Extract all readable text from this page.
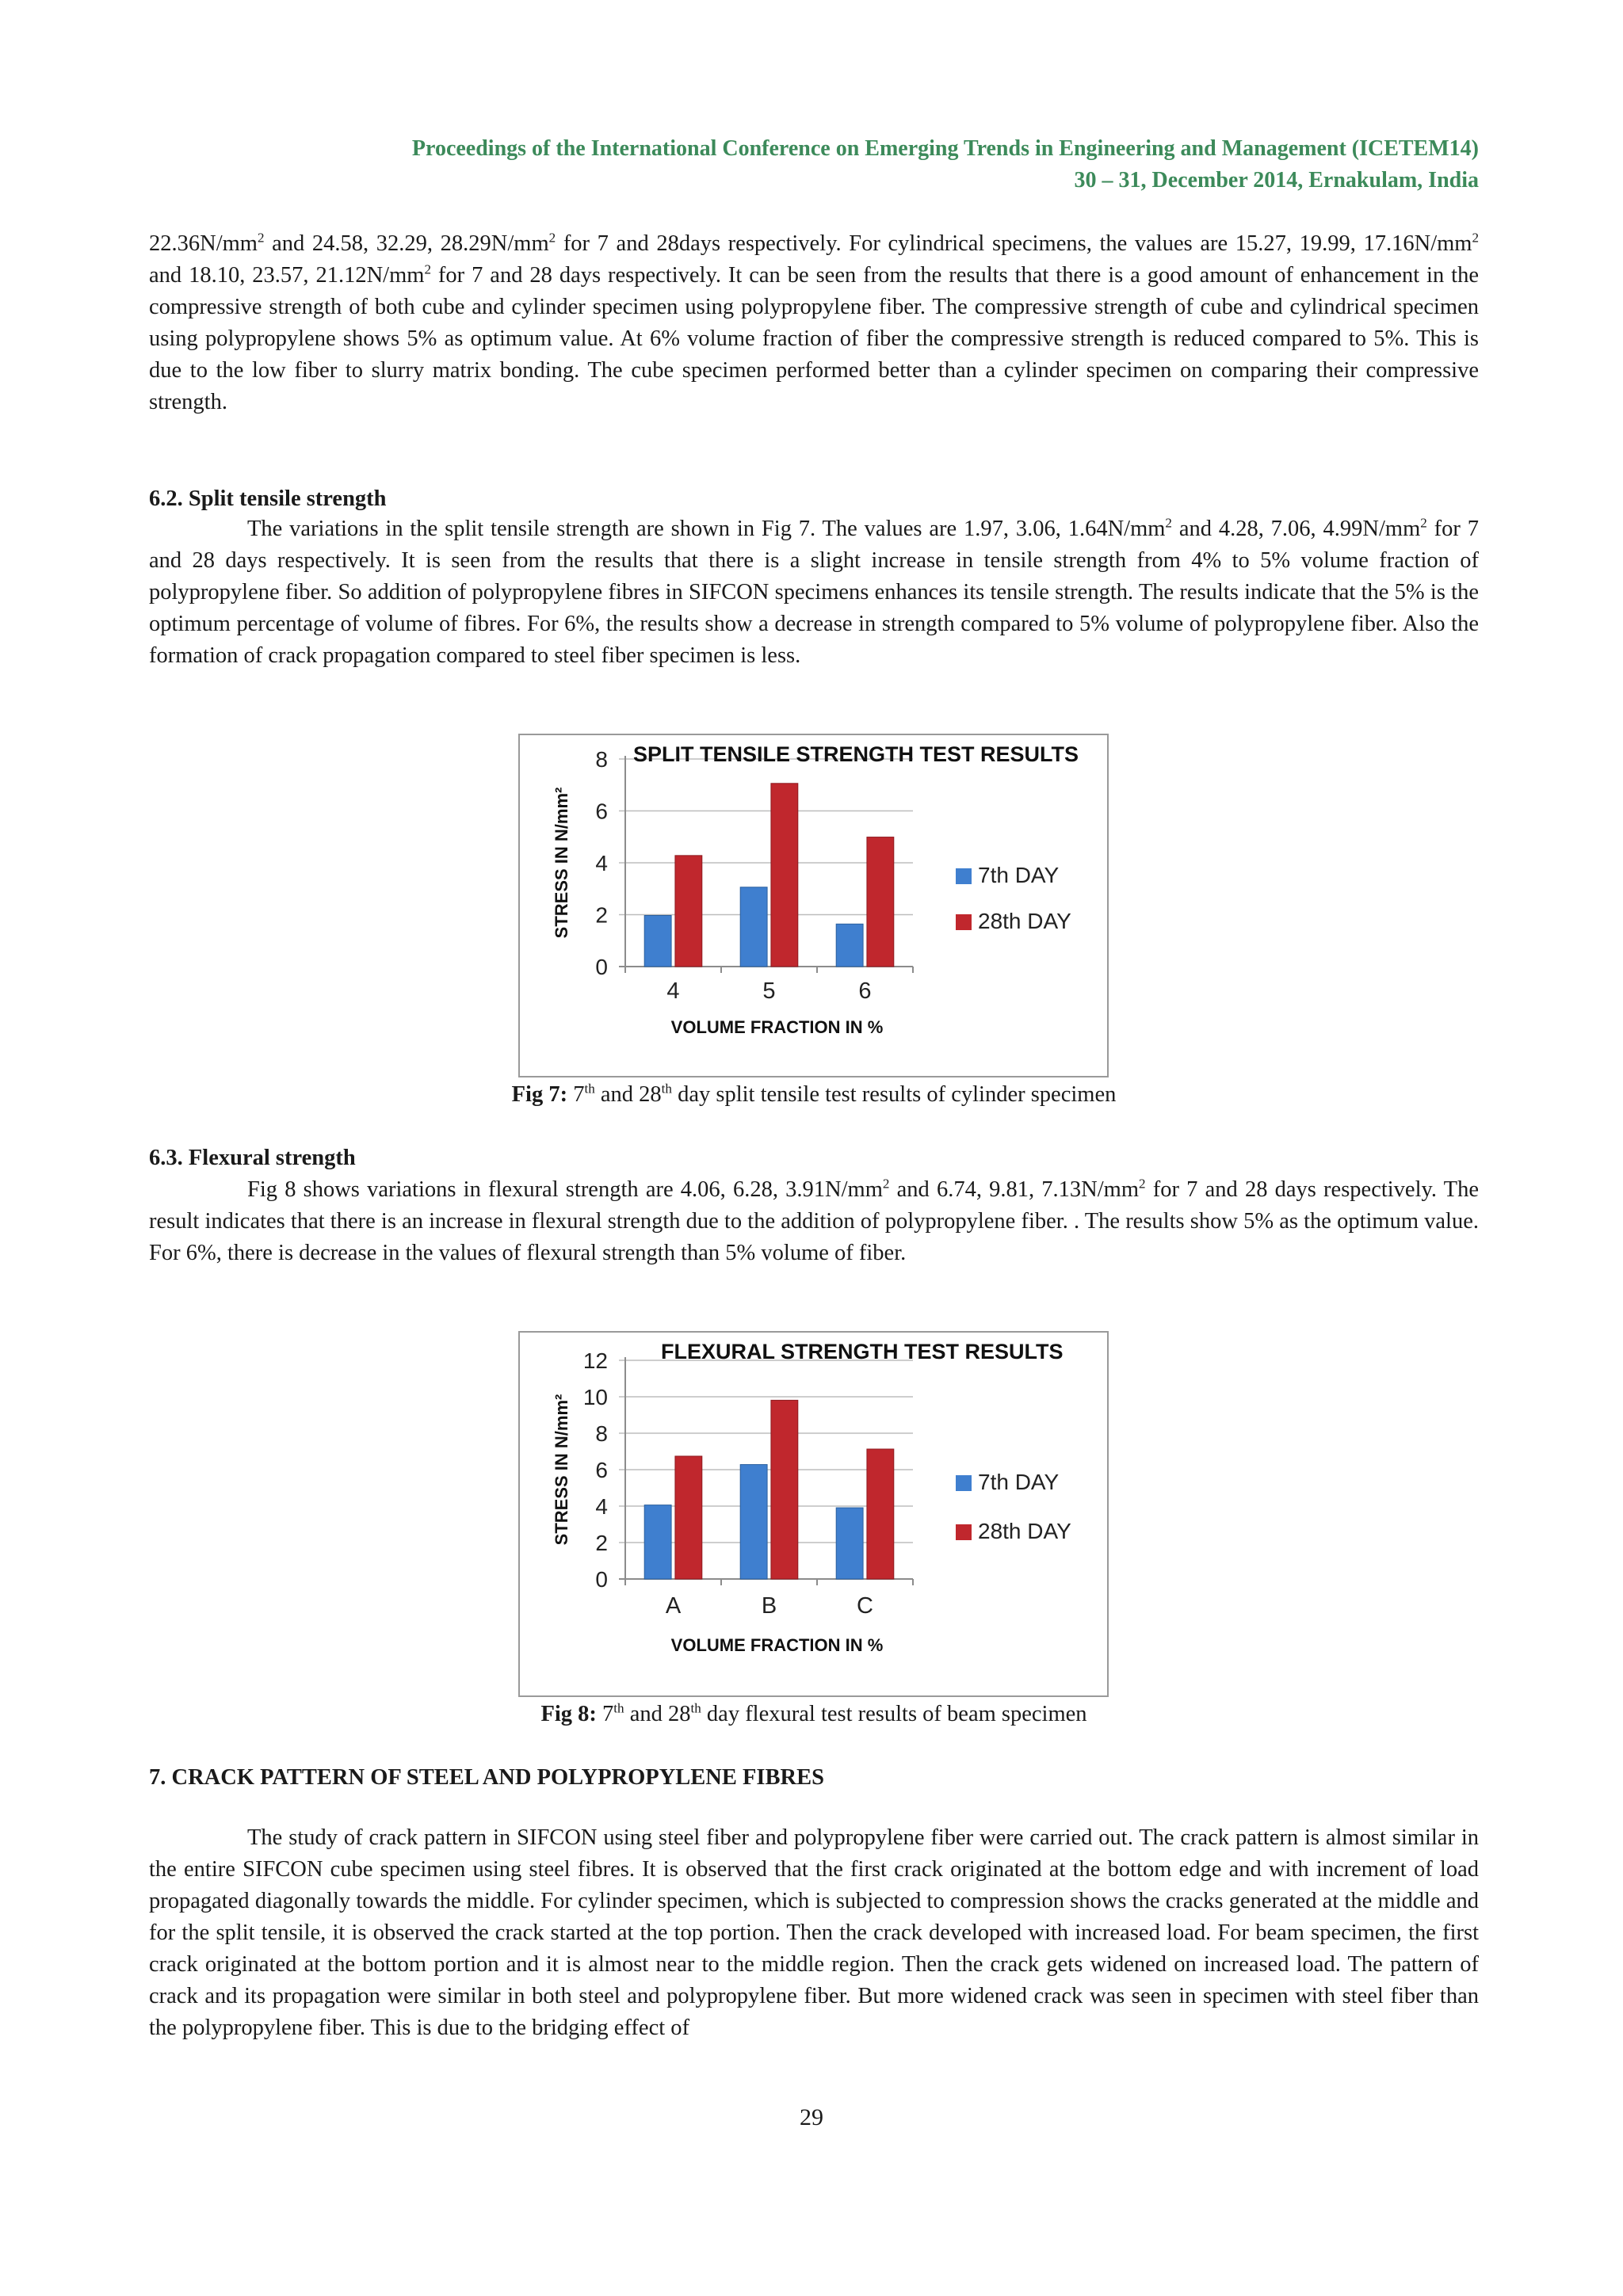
Proceedings of the International Conference on Emerging Trends in Engineering and Management (ICETEM14)
30 – 31, December 2014, Ernakulam, India

$22.36N/mm^2$ and 24.58, 32.29, $28.29N/mm^2$ for 7 and 28days respectively. For cylindrical specimens, the values are 15.27, 19.99, $17.16N/mm^2$ and 18.10, 23.57, $21.12N/mm^2$ for 7 and 28 days respectively. It can be seen from the results that there is a good amount of enhancement in the compressive strength of both cube and cylinder specimen using polypropylene fiber. The compressive strength of cube and cylindrical specimen using polypropylene shows 5% as optimum value. At 6% volume fraction of fiber the compressive strength is reduced compared to 5%. This is due to the low fiber to slurry matrix bonding. The cube specimen performed better than a cylinder specimen on comparing their compressive strength.

6.2. Split tensile strength

The variations in the split tensile strength are shown in Fig 7. The values are 1.97, 3.06, $1.64N/mm^2$ and 4.28, 7.06, $4.99N/mm^2$ for 7 and 28 days respectively. It is seen from the results that there is a slight increase in tensile strength from 4% to 5% volume fraction of polypropylene fiber. So addition of polypropylene fibres in SIFCON specimens enhances its tensile strength. The results indicate that the 5% is the optimum percentage of volume of fibres. For 6%, the results show a decrease in strength compared to 5% volume of polypropylene fiber. Also the formation of crack propagation compared to steel fiber specimen is less.

0
2
4
6
8 SPLIT TENSILE STRENGTH TEST RESULTS
4	5	6
VOLUME FRACTION IN %
STRESS IN N/mm²	7th DAY
28th DAY
Fig 7: 7th and 28th day split tensile test results of cylinder specimen
6.3. Flexural strength

Fig 8 shows variations in flexural strength are 4.06, 6.28, $3.91N/mm^2$ and 6.74, 9.81, $7.13N/mm^2$ for 7 and 28 days respectively. The result indicates that there is an increase in flexural strength due to the addition of polypropylene fiber. . The results show 5% as the optimum value. For 6%, there is decrease in the values of flexural strength than 5% volume of fiber.

0
2
4
6
8
10
12 FLEXURAL STRENGTH TEST RESULTS
A	B	C
VOLUME FRACTION IN %
STRESS IN N/mm²	7th DAY
28th DAY
Fig 8: 7th and 28th day flexural test results of beam specimen
7. CRACK PATTERN OF STEEL AND POLYPROPYLENE FIBRES

The study of crack pattern in SIFCON using steel fiber and polypropylene fiber were carried out. The crack pattern is almost similar in the entire SIFCON cube specimen using steel fibres. It is observed that the first crack originated at the bottom edge and with increment of load propagated diagonally towards the middle. For cylinder specimen, which is subjected to compression shows the cracks generated at the middle and for the split tensile, it is observed the crack started at the top portion. Then the crack developed with increased load. For beam specimen, the first crack originated at the bottom portion and it is almost near to the middle region. Then the crack gets widened on increased load. The pattern of crack and its propagation were similar in both steel and polypropylene fiber. But more widened crack was seen in specimen with steel fiber than the polypropylene fiber. This is due to the bridging effect of

29
